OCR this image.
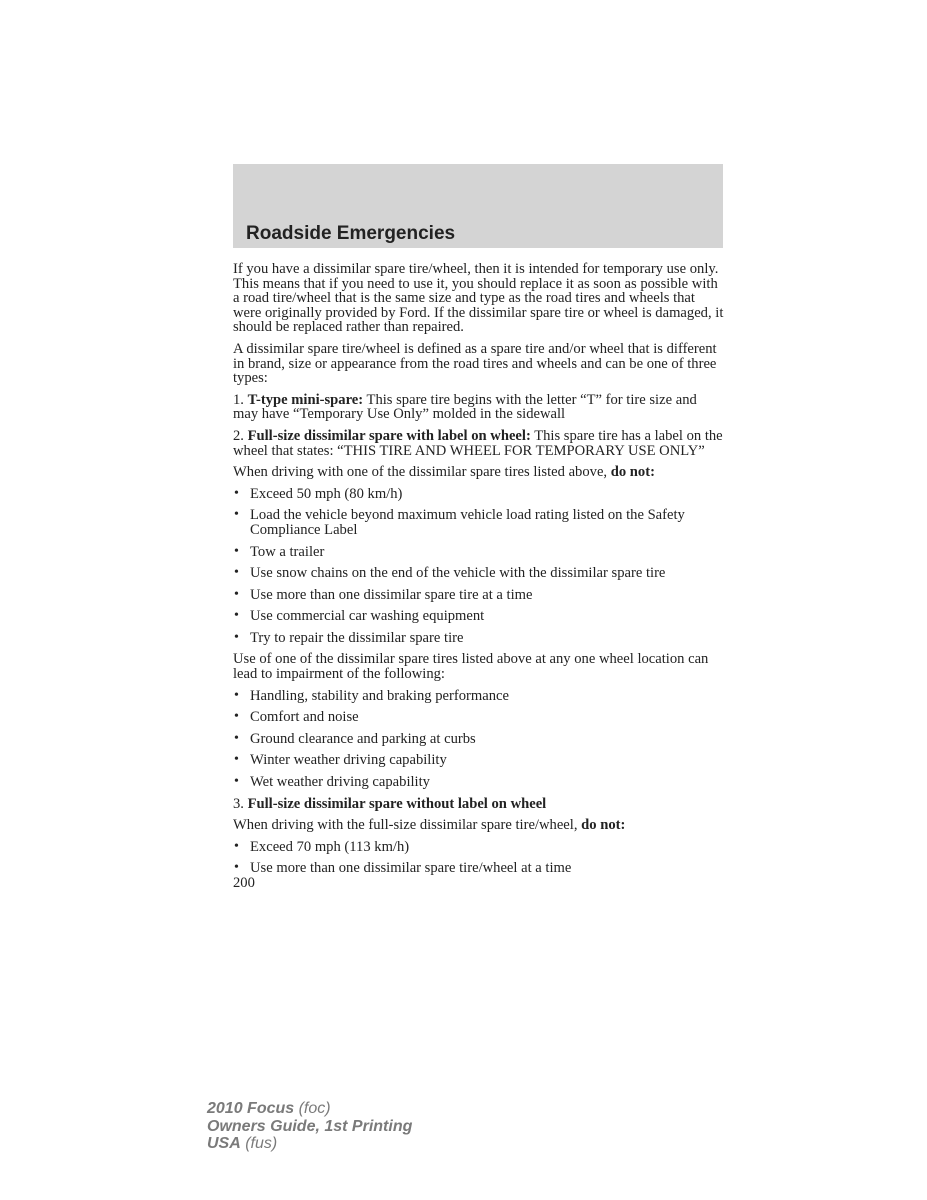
Roadside Emergencies

If you have a dissimilar spare tire/wheel, then it is intended for temporary use only. This means that if you need to use it, you should replace it as soon as possible with a road tire/wheel that is the same size and type as the road tires and wheels that were originally provided by Ford. If the dissimilar spare tire or wheel is damaged, it should be replaced rather than repaired.

A dissimilar spare tire/wheel is defined as a spare tire and/or wheel that is different in brand, size or appearance from the road tires and wheels and can be one of three types:

1. T-type mini-spare: This spare tire begins with the letter “T” for tire size and may have “Temporary Use Only” molded in the sidewall

2. Full-size dissimilar spare with label on wheel: This spare tire has a label on the wheel that states: “THIS TIRE AND WHEEL FOR TEMPORARY USE ONLY”

When driving with one of the dissimilar spare tires listed above, do not:

• Exceed 50 mph (80 km/h)
• Load the vehicle beyond maximum vehicle load rating listed on the Safety Compliance Label
• Tow a trailer
• Use snow chains on the end of the vehicle with the dissimilar spare tire
• Use more than one dissimilar spare tire at a time
• Use commercial car washing equipment
• Try to repair the dissimilar spare tire

Use of one of the dissimilar spare tires listed above at any one wheel location can lead to impairment of the following:

• Handling, stability and braking performance
• Comfort and noise
• Ground clearance and parking at curbs
• Winter weather driving capability
• Wet weather driving capability

3. Full-size dissimilar spare without label on wheel

When driving with the full-size dissimilar spare tire/wheel, do not:

• Exceed 70 mph (113 km/h)
• Use more than one dissimilar spare tire/wheel at a time

200

2010 Focus (foc)
Owners Guide, 1st Printing
USA (fus)
